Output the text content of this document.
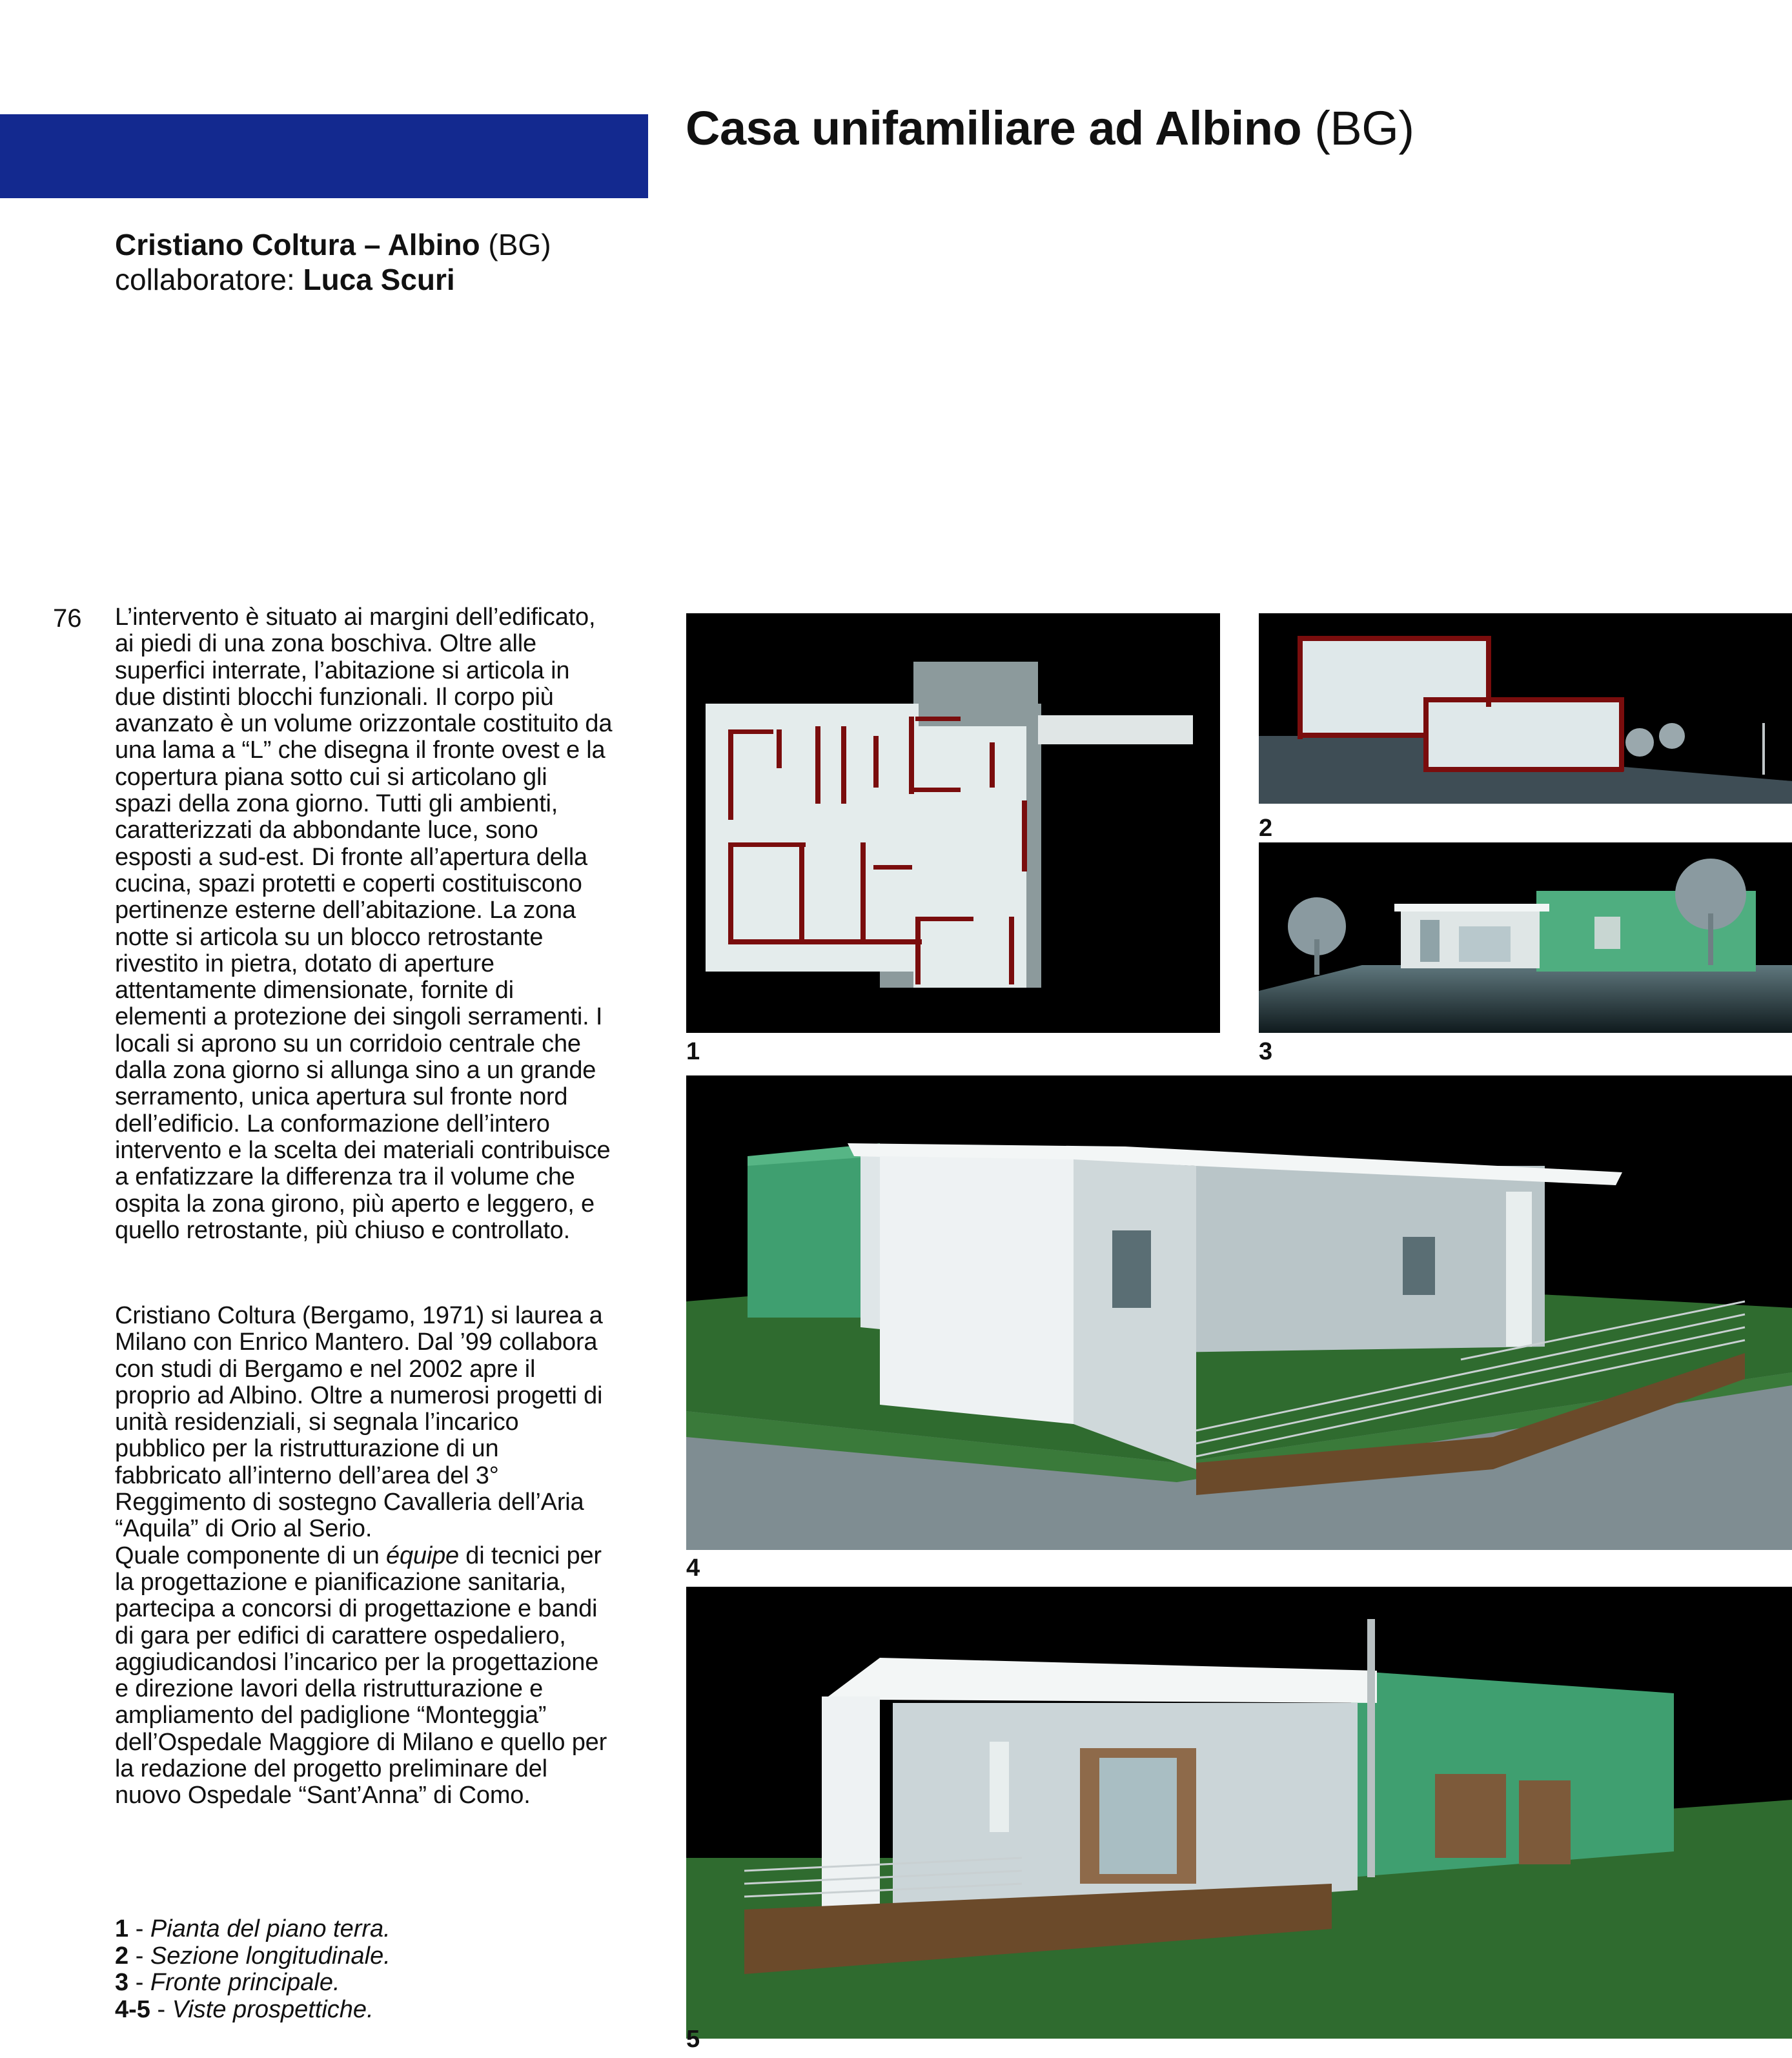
Casa unifamiliare ad Albino (BG)
Cristiano Coltura – Albino (BG)
collaboratore: Luca Scuri
76 L’intervento è situato ai margini dell’edificato,
ai piedi di una zona boschiva. Oltre alle
superfici interrate, l’abitazione si articola in
due distinti blocchi funzionali. Il corpo più
avanzato è un volume orizzontale costituito da
una lama a “L” che disegna il fronte ovest e la
copertura piana sotto cui si articolano gli
spazi della zona giorno. Tutti gli ambienti,
caratterizzati da abbondante luce, sono
esposti a sud-est. Di fronte all’apertura della
cucina, spazi protetti e coperti costituiscono
pertinenze esterne dell’abitazione. La zona
notte si articola su un blocco retrostante
rivestito in pietra, dotato di aperture
attentamente dimensionate, fornite di
elementi a protezione dei singoli serramenti. I
locali si aprono su un corridoio centrale che
dalla zona giorno si allunga sino a un grande
serramento, unica apertura sul fronte nord
dell’edificio. La conformazione dell’intero
intervento e la scelta dei materiali contribuisce
a enfatizzare la differenza tra il volume che
ospita la zona girono, più aperto e leggero, e
quello retrostante, più chiuso e controllato.
Cristiano Coltura (Bergamo, 1971) si laurea a
Milano con Enrico Mantero. Dal ’99 collabora
con studi di Bergamo e nel 2002 apre il
proprio ad Albino. Oltre a numerosi progetti di
unità residenziali, si segnala l’incarico
pubblico per la ristrutturazione di un
fabbricato all’interno dell’area del 3°
Reggimento di sostegno Cavalleria dell’Aria
“Aquila” di Orio al Serio.
Quale componente di un équipe di tecnici per
la progettazione e pianificazione sanitaria,
partecipa a concorsi di progettazione e bandi
di gara per edifici di carattere ospedaliero,
aggiudicandosi l’incarico per la progettazione
e direzione lavori della ristrutturazione e
ampliamento del padiglione “Monteggia”
dell’Ospedale Maggiore di Milano e quello per
la redazione del progetto preliminare del
nuovo Ospedale “Sant’Anna” di Como.
1 - Pianta del piano terra.
2 - Sezione longitudinale.
3 - Fronte principale.
4-5 - Viste prospettiche.
1
2
3
4
5
